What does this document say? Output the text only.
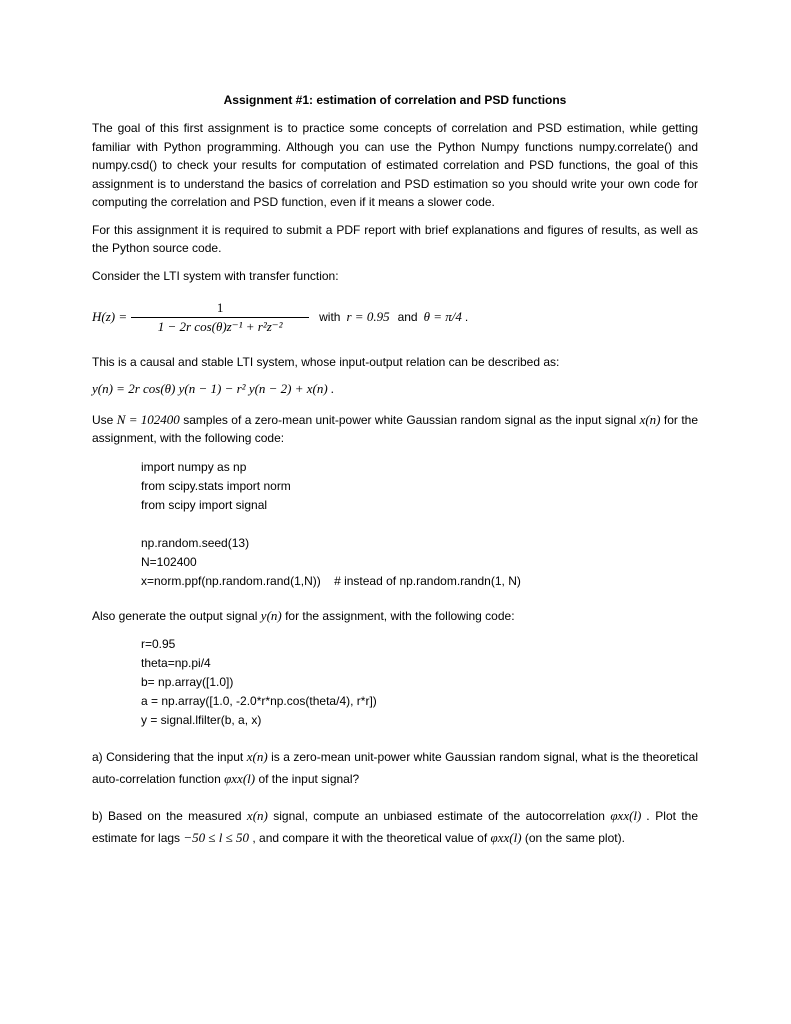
Assignment #1: estimation of correlation and PSD functions

The goal of this first assignment is to practice some concepts of correlation and PSD estimation, while getting familiar with Python programming. Although you can use the Python Numpy functions numpy.correlate() and numpy.csd() to check your results for computation of estimated correlation and PSD functions, the goal of this assignment is to understand the basics of correlation and PSD estimation so you should write your own code for computing the correlation and PSD function, even if it means a slower code.

For this assignment it is required to submit a PDF report with brief explanations and figures of results, as well as the Python source code.

Consider the LTI system with transfer function:

$H(z) = \frac{1}{\text{1 − 2r cos(θ)z⁻¹ + r²z⁻²}}$ with r = 0.95 and θ = π/4 .

This is a causal and stable LTI system, whose input-output relation can be described as:

y(n) = 2r cos(θ) y(n − 1) − r² y(n − 2) + x(n) .

Use N = 102400 samples of a zero-mean unit-power white Gaussian random signal as the input signal x(n) for the assignment, with the following code:

import numpy as np
from scipy.stats import norm
from scipy import signal
np.random.seed(13)
N=102400
x=norm.ppf(np.random.rand(1,N))    # instead of np.random.randn(1, N)

Also generate the output signal y(n) for the assignment, with the following code:

r=0.95
theta=np.pi/4
b= np.array([1.0])
a = np.array([1.0, -2.0*r*np.cos(theta/4), r*r])
y = signal.lfilter(b, a, x)

a) Considering that the input x(n) is a zero-mean unit-power white Gaussian random signal, what is the theoretical auto-correlation function φxx(l) of the input signal?

b) Based on the measured x(n) signal, compute an unbiased estimate of the autocorrelation φxx(l) . Plot the estimate for lags −50 ≤ l ≤ 50 , and compare it with the theoretical value of φxx(l) (on the same plot).
